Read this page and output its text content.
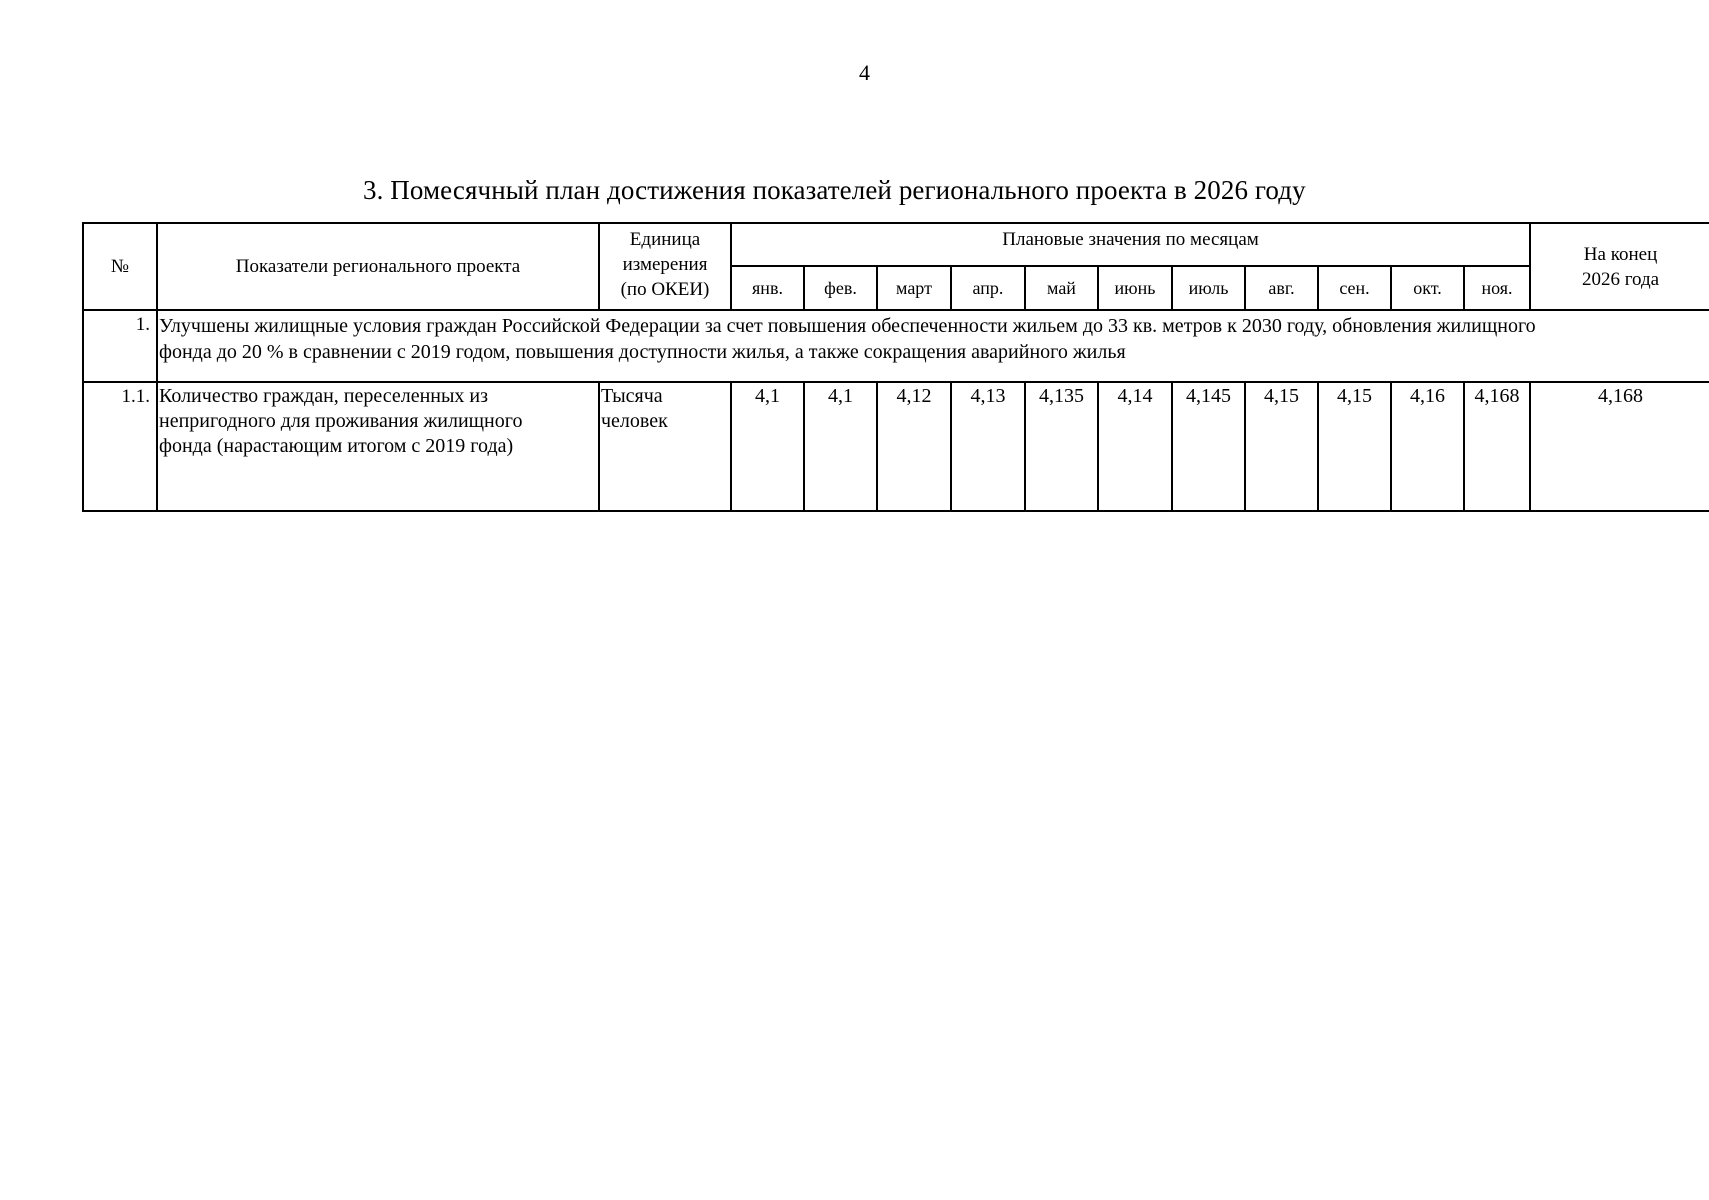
4
3. Помесячный план достижения показателей регионального проекта в 2026 году
№	Показатели регионального проекта	Единица
измерения
(по ОКЕИ)	Плановые значения по месяцам											На конец
2026 года

			янв.	фев.	март	апр.	май	июнь	июль	авг.	сен.	окт.	ноя.	
1.	Улучшены жилищные условия граждан Российской Федерации за счет повышения обеспеченности жильем до 33 кв. метров к 2030 году, обновления жилищного
фонда до 20 % в сравнении с 2019 годом, повышения доступности жилья, а также сокращения аварийного жилья													

1.1.	Количество граждан, переселенных из
непригодного для проживания жилищного
фонда (нарастающим итогом с 2019 года)	Тысяча
человек	4,1	4,1	4,12	4,13	4,135	4,14	4,145	4,15	4,15	4,16	4,168	4,168
